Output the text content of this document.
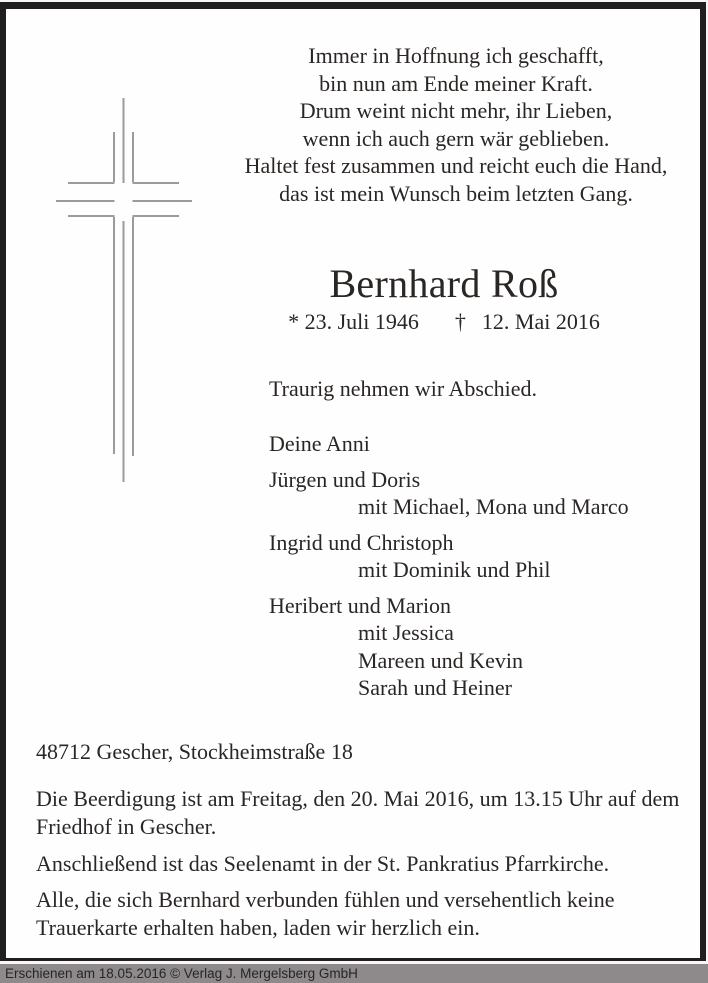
Immer in Hoffnung ich geschafft,
bin nun am Ende meiner Kraft.
Drum weint nicht mehr, ihr Lieben,
wenn ich auch gern wär geblieben.
Haltet fest zusammen und reicht euch die Hand,
das ist mein Wunsch beim letzten Gang.
Bernhard Roß
* 23. Juli 1946 † 12. Mai 2016
Traurig nehmen wir Abschied.
Deine Anni
Jürgen und Doris
mit Michael, Mona und Marco
Ingrid und Christoph
mit Dominik und Phil
Heribert und Marion
mit Jessica
Mareen und Kevin
Sarah und Heiner
48712 Gescher, Stockheimstraße 18
Die Beerdigung ist am Freitag, den 20. Mai 2016, um 13.15 Uhr auf dem
Friedhof in Gescher.
Anschließend ist das Seelenamt in der St. Pankratius Pfarrkirche.
Alle, die sich Bernhard verbunden fühlen und versehentlich keine
Trauerkarte erhalten haben, laden wir herzlich ein.
Erschienen am 18.05.2016 © Verlag J. Mergelsberg GmbH
